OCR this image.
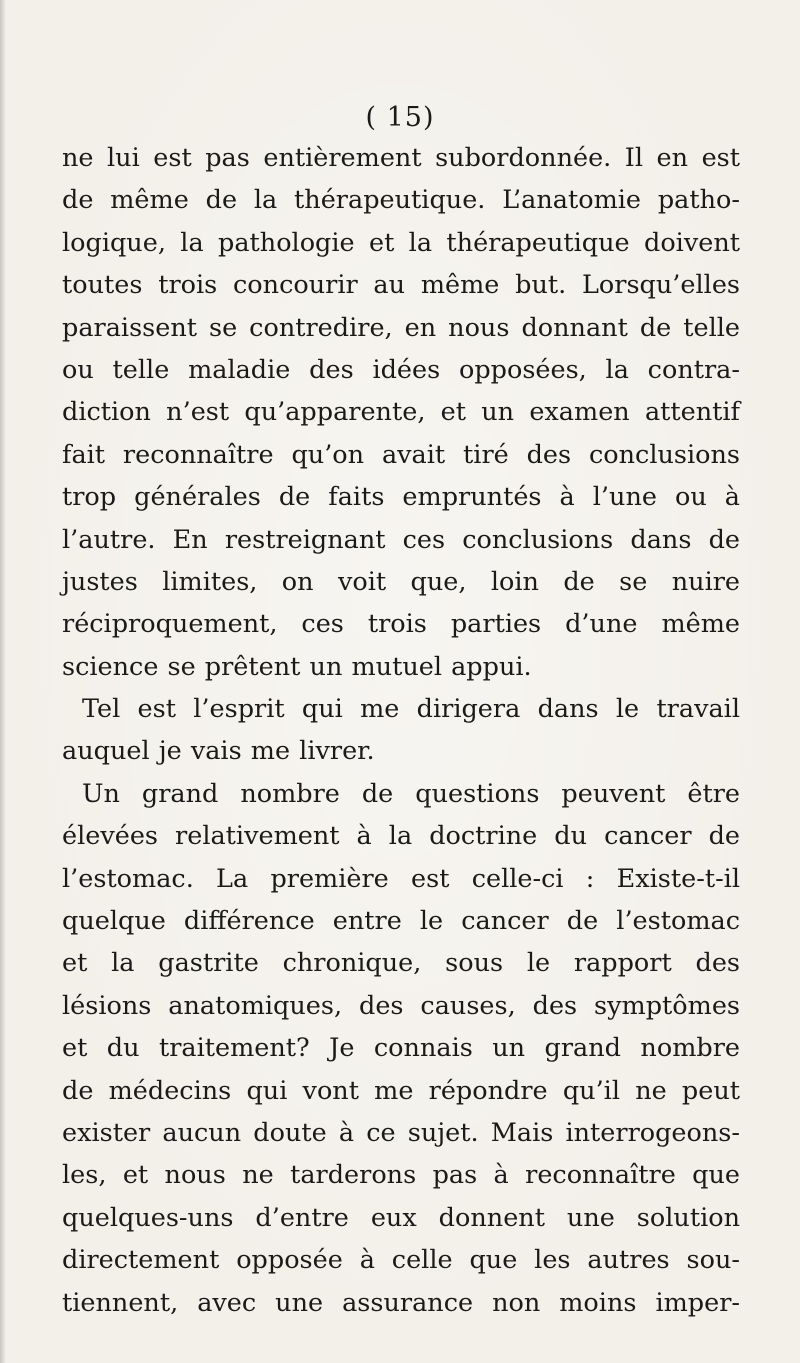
( 15)
ne lui est pas entièrement subordonnée. Il en est
de même de la thérapeutique. L’anatomie patho-
logique, la pathologie et la thérapeutique doivent
toutes trois concourir au même but. Lorsqu’elles
paraissent se contredire, en nous donnant de telle
ou telle maladie des idées opposées, la contra-
diction n’est qu’apparente, et un examen attentif
fait reconnaître qu’on avait tiré des conclusions
trop générales de faits empruntés à l’une ou à
l’autre. En restreignant ces conclusions dans de
justes limites, on voit que, loin de se nuire
réciproquement, ces trois parties d’une même
science se prêtent un mutuel appui.
Tel est l’esprit qui me dirigera dans le travail
auquel je vais me livrer.
Un grand nombre de questions peuvent être
élevées relativement à la doctrine du cancer de
l’estomac. La première est celle-ci : Existe-t-il
quelque différence entre le cancer de l’estomac
et la gastrite chronique, sous le rapport des
lésions anatomiques, des causes, des symptômes
et du traitement? Je connais un grand nombre
de médecins qui vont me répondre qu’il ne peut
exister aucun doute à ce sujet. Mais interrogeons-
les, et nous ne tarderons pas à reconnaître que
quelques-uns d’entre eux donnent une solution
directement opposée à celle que les autres sou-
tiennent, avec une assurance non moins imper-
